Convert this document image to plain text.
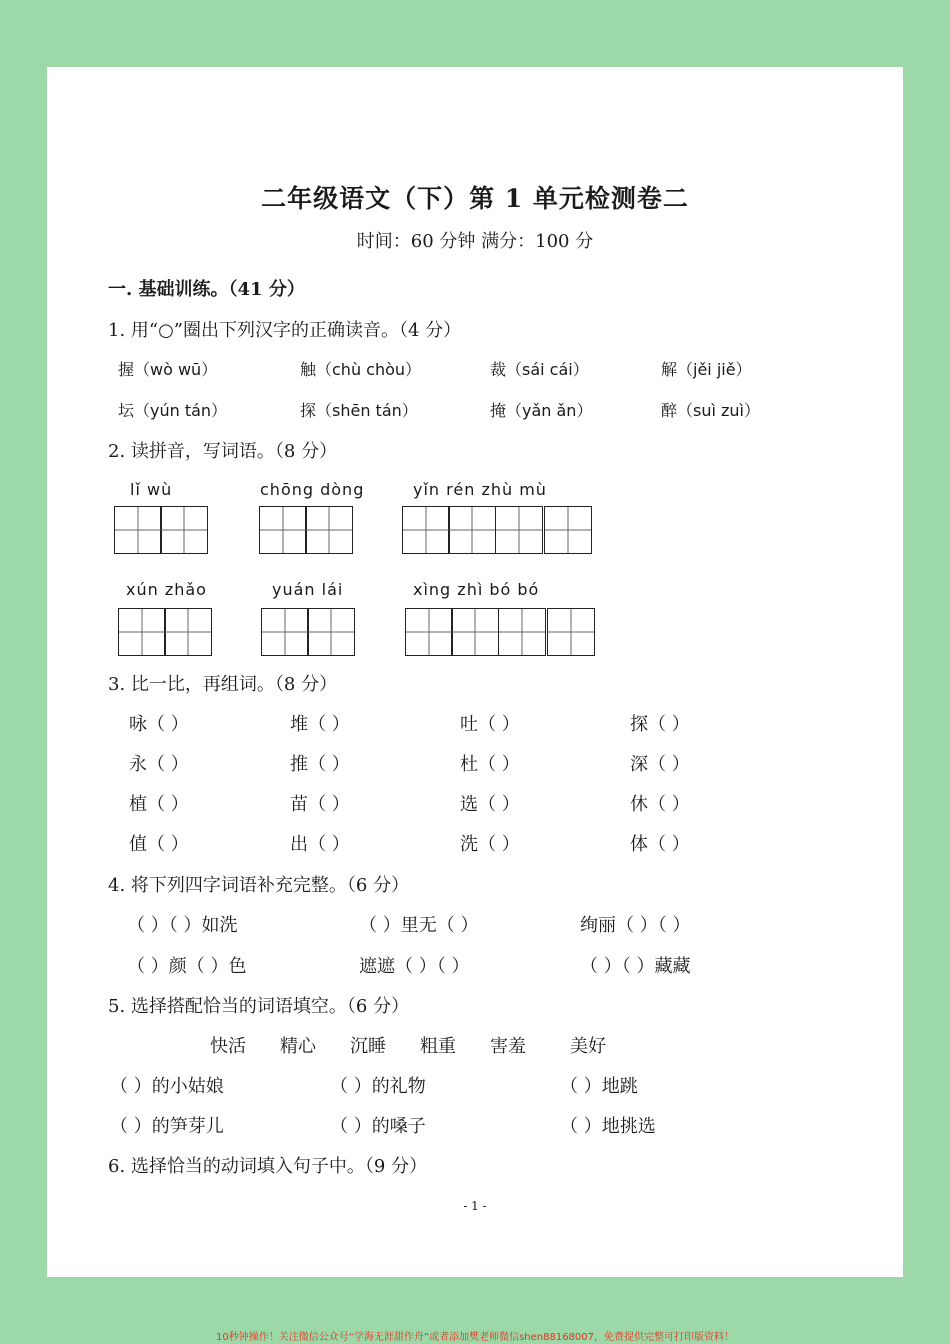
二年级语文（下）第 1 单元检测卷二
时间：60 分钟 满分：100 分
一. 基础训练。（41 分）
1. 用“○”圈出下列汉字的正确读音。（4 分）
握（wò wū）	触（chù chòu）	裁（sái cái）	解（jěi jiě）
坛（yún tán）	探（shēn tán）	掩（yǎn ǎn）	醉（suì zuì）
2. 读拼音，写词语。（8 分）
lǐ wù	chōng dòng	yǐn rén zhù mù
xún zhǎo	yuán lái	xìng zhì bó bó
3. 比一比，再组词。（8 分）
咏（ ）	堆（ ）	吐（ ）	探（ ）
永（ ）	推（ ）	杜（ ）	深（ ）
植（ ）	苗（ ）	选（ ）	休（ ）
值（ ）	出（ ）	洗（ ）	体（ ）
4. 将下列四字词语补充完整。（6 分）
（ ）（ ）如洗	（ ）里无（ ）	绚丽（ ）（ ）
（ ）颜（ ）色	遮遮（ ）（ ）	（ ）（ ）藏藏
5. 选择搭配恰当的词语填空。（6 分）
快活 精心 沉睡 粗重 害羞 美好
（ ）的小姑娘	（ ）的礼物	（ ）地跳
（ ）的笋芽儿	（ ）的嗓子	（ ）地挑选
6. 选择恰当的动词填入句子中。（9 分）
- 1 -
10秒钟操作！关注微信公众号“学海无涯甜作舟”或者添加樊老师微信shen88168007，免费提供完整可打印版资料！
